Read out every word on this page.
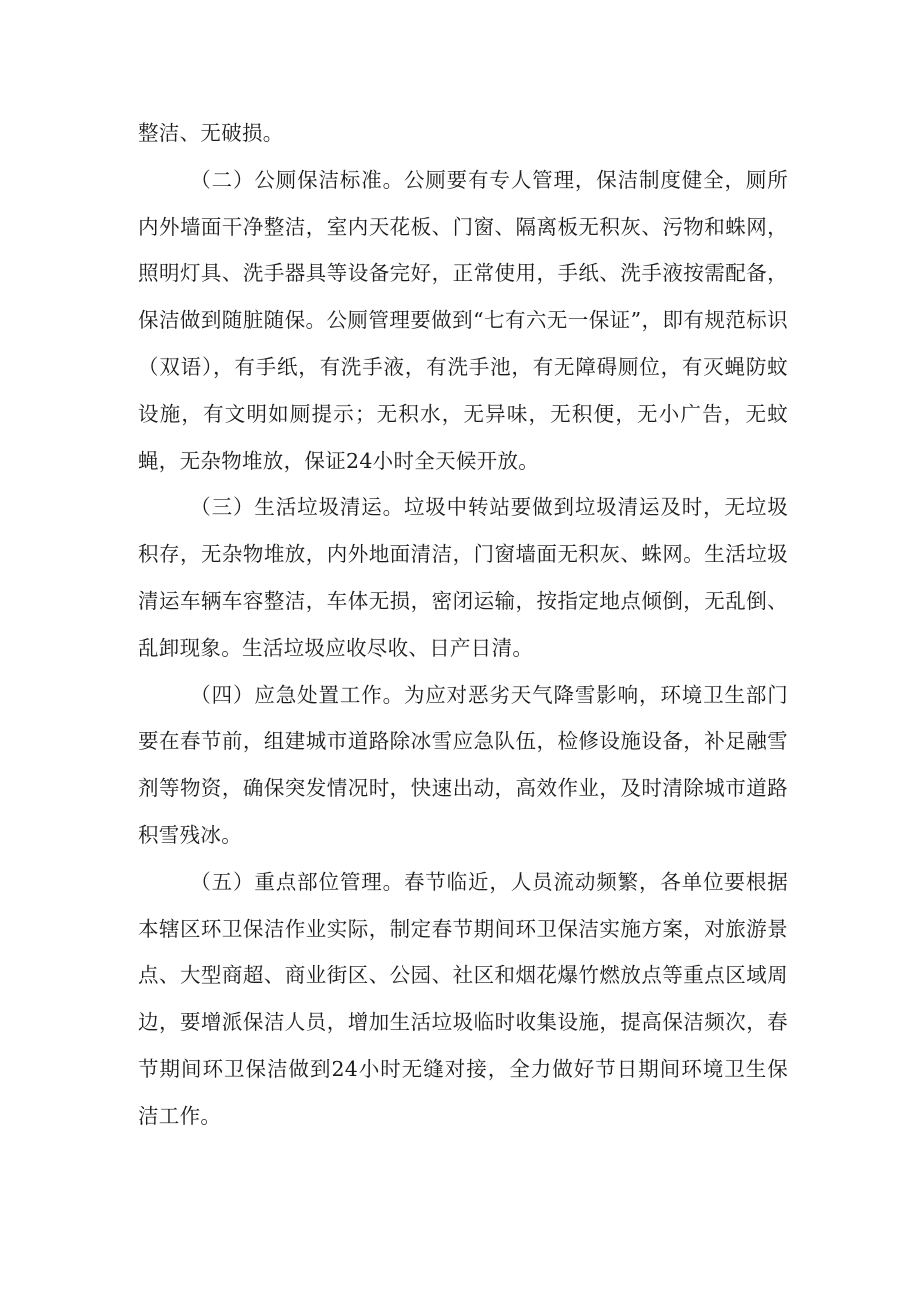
整洁、无破损。

（二）公厕保洁标准。公厕要有专人管理，保洁制度健全，厕所内外墙面干净整洁，室内天花板、门窗、隔离板无积灰、污物和蛛网，照明灯具、洗手器具等设备完好，正常使用，手纸、洗手液按需配备，保洁做到随脏随保。公厕管理要做到“七有六无一保证”，即有规范标识（双语），有手纸，有洗手液，有洗手池，有无障碍厕位，有灭蝇防蚊设施，有文明如厕提示；无积水，无异味，无积便，无小广告，无蚊蝇，无杂物堆放，保证24小时全天候开放。

（三）生活垃圾清运。垃圾中转站要做到垃圾清运及时，无垃圾积存，无杂物堆放，内外地面清洁，门窗墙面无积灰、蛛网。生活垃圾清运车辆车容整洁，车体无损，密闭运输，按指定地点倾倒，无乱倒、乱卸现象。生活垃圾应收尽收、日产日清。

（四）应急处置工作。为应对恶劣天气降雪影响，环境卫生部门要在春节前，组建城市道路除冰雪应急队伍，检修设施设备，补足融雪剂等物资，确保突发情况时，快速出动，高效作业，及时清除城市道路积雪残冰。

（五）重点部位管理。春节临近，人员流动频繁，各单位要根据本辖区环卫保洁作业实际，制定春节期间环卫保洁实施方案，对旅游景点、大型商超、商业街区、公园、社区和烟花爆竹燃放点等重点区域周边，要增派保洁人员，增加生活垃圾临时收集设施，提高保洁频次，春节期间环卫保洁做到24小时无缝对接，全力做好节日期间环境卫生保洁工作。
